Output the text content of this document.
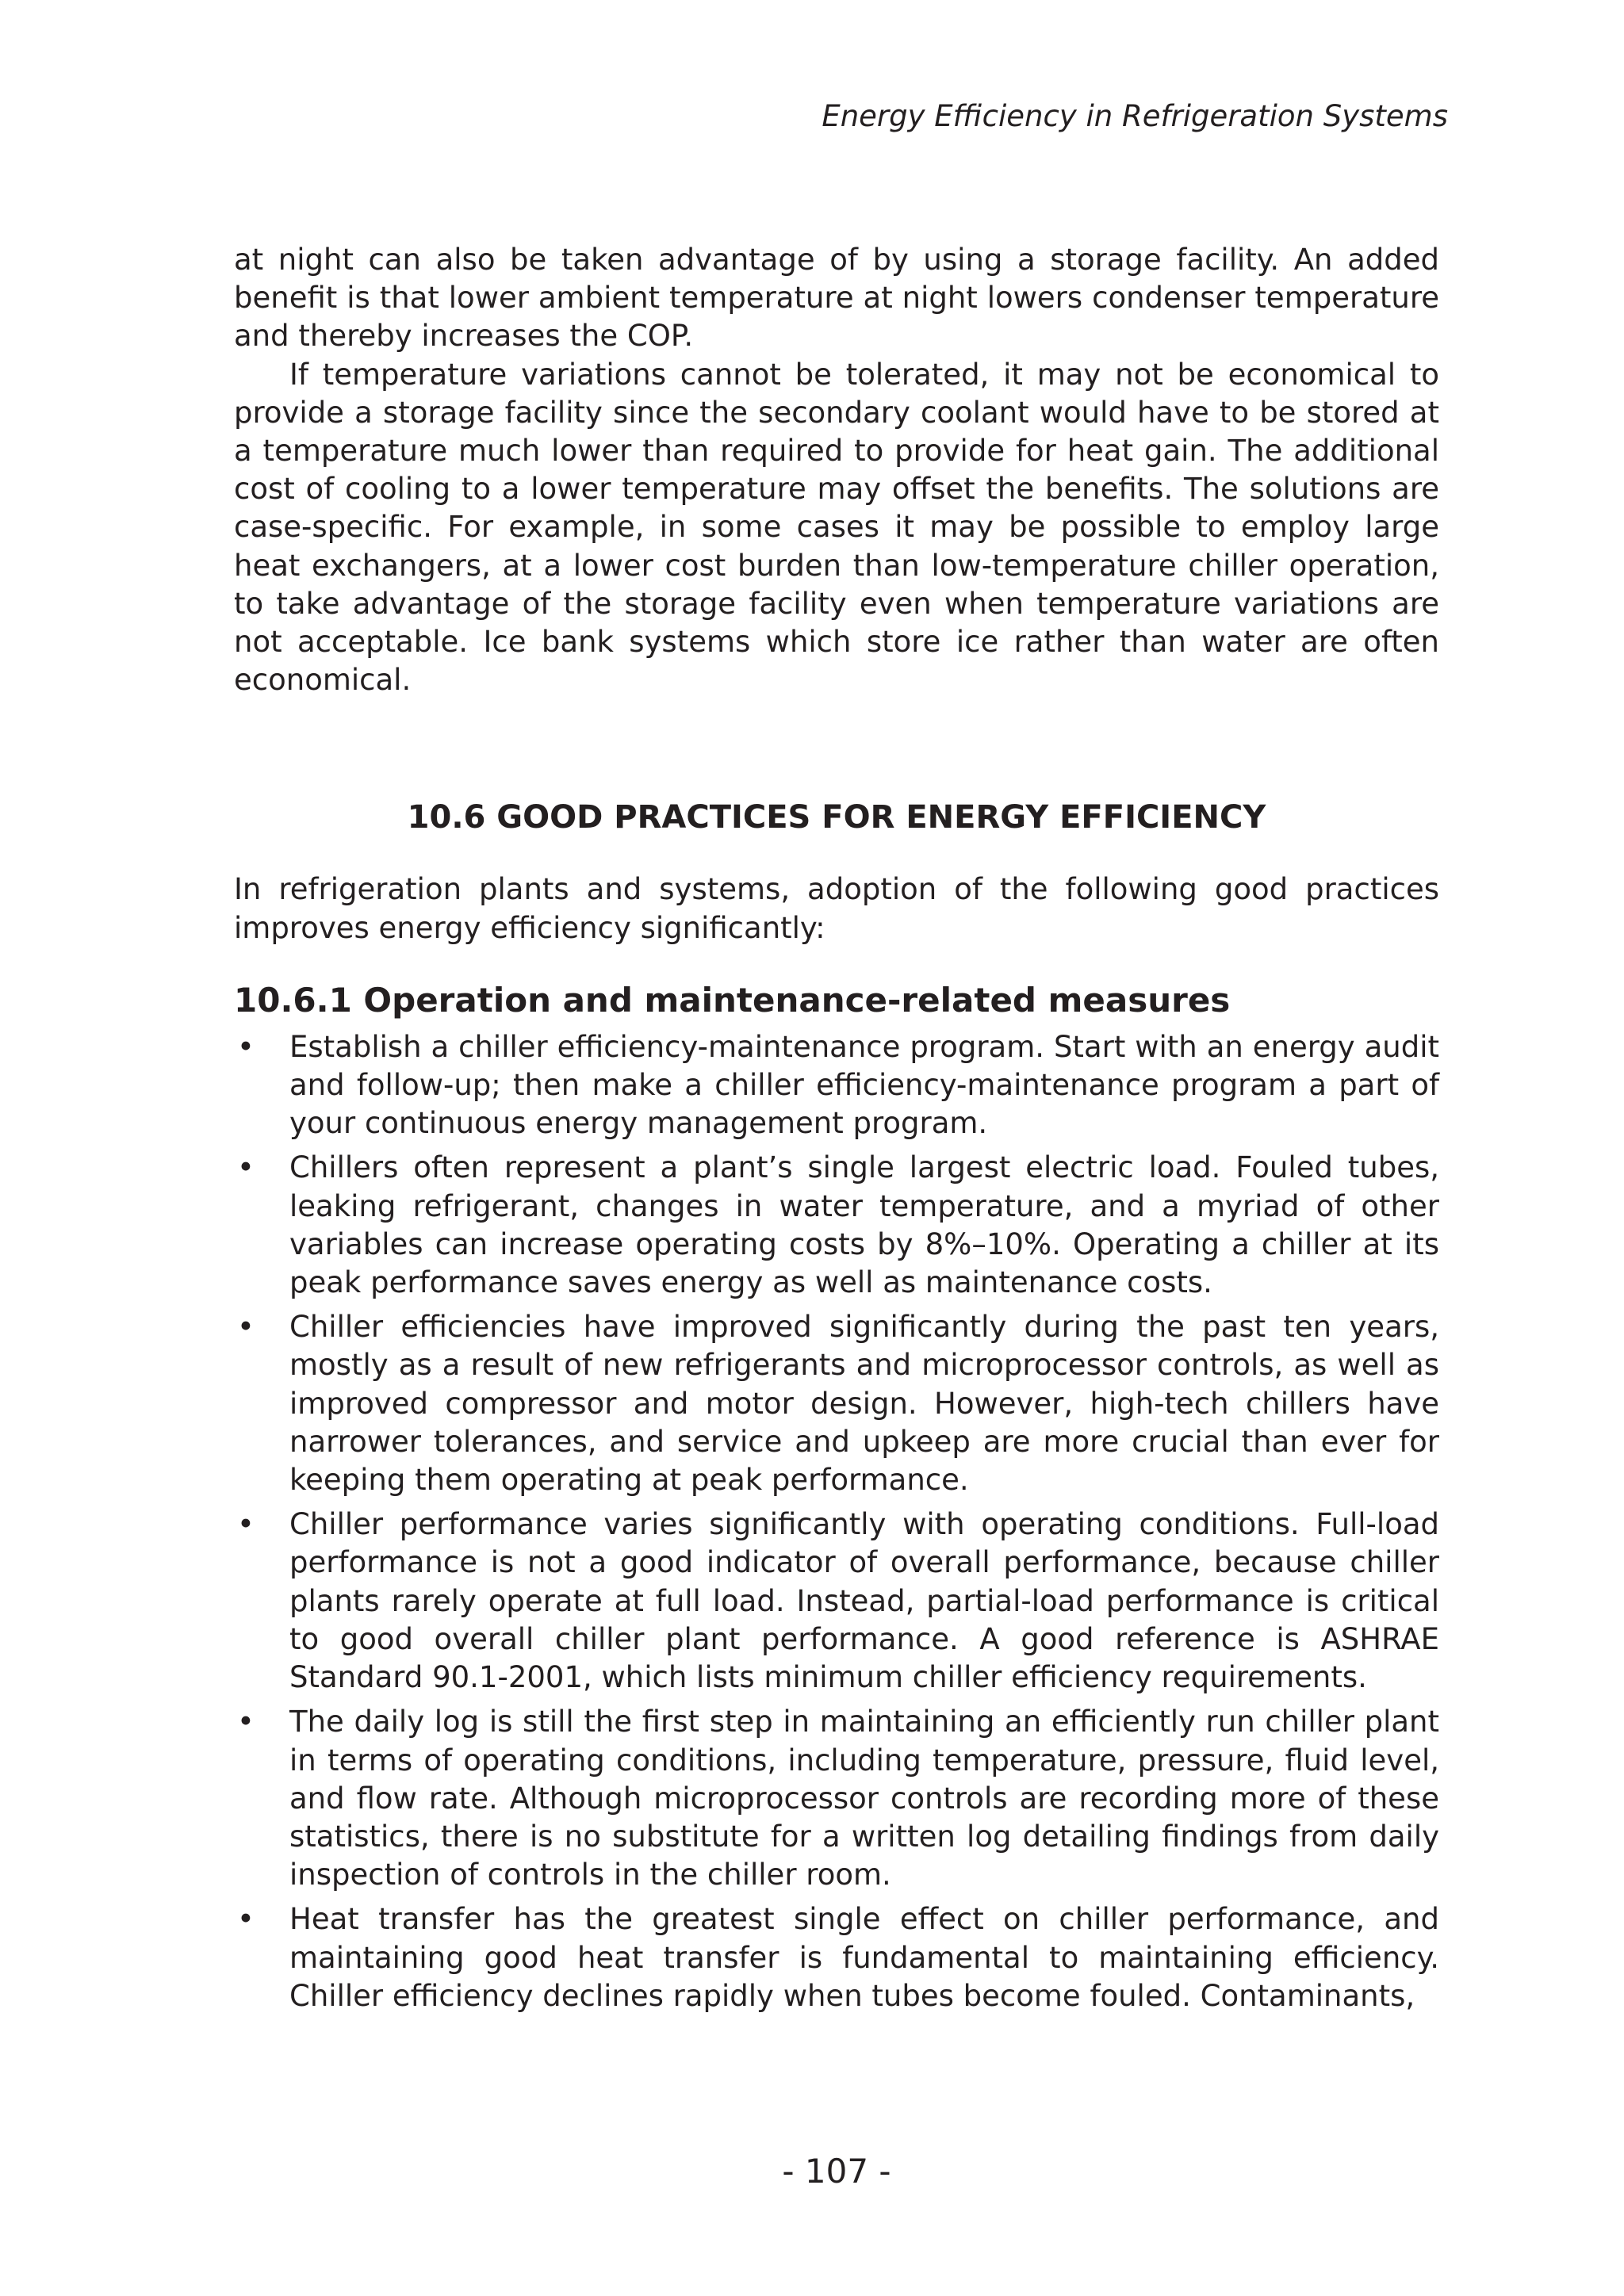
Energy Efficiency in Refrigeration Systems

at night can also be taken advantage of by using a storage facility. An added benefit is that lower ambient temperature at night lowers condenser temperature and thereby increases the COP.

If temperature variations cannot be tolerated, it may not be economical to provide a storage facility since the secondary coolant would have to be stored at a temperature much lower than required to provide for heat gain. The additional cost of cooling to a lower temperature may offset the benefits. The solutions are case-specific. For example, in some cases it may be possible to employ large heat exchangers, at a lower cost burden than low-temperature chiller operation, to take advantage of the storage facility even when temperature variations are not acceptable. Ice bank systems which store ice rather than water are often economical.

10.6 GOOD PRACTICES FOR ENERGY EFFICIENCY

In refrigeration plants and systems, adoption of the following good practices improves energy efficiency significantly:

10.6.1 Operation and maintenance-related measures
• Establish a chiller efficiency-maintenance program. Start with an energy audit and follow-up; then make a chiller efficiency-maintenance program a part of your continuous energy management program.
• Chillers often represent a plant’s single largest electric load. Fouled tubes, leaking refrigerant, changes in water temperature, and a myriad of other variables can increase operating costs by 8%–10%. Operating a chiller at its peak performance saves energy as well as maintenance costs.
• Chiller efficiencies have improved significantly during the past ten years, mostly as a result of new refrigerants and microprocessor controls, as well as improved compressor and motor design. However, high-tech chillers have narrower tolerances, and service and upkeep are more crucial than ever for keeping them operating at peak performance.
• Chiller performance varies significantly with operating conditions. Full-load performance is not a good indicator of overall performance, because chiller plants rarely operate at full load. Instead, partial-load performance is critical to good overall chiller plant performance. A good reference is ASHRAE Standard 90.1-2001, which lists minimum chiller efficiency requirements.
• The daily log is still the first step in maintaining an efficiently run chiller plant in terms of operating conditions, including temperature, pressure, fluid level, and flow rate. Although microprocessor controls are recording more of these statistics, there is no substitute for a written log detailing findings from daily inspection of controls in the chiller room.
• Heat transfer has the greatest single effect on chiller performance, and maintaining good heat transfer is fundamental to maintaining efficiency. Chiller efficiency declines rapidly when tubes become fouled. Contaminants,
- 107 -
